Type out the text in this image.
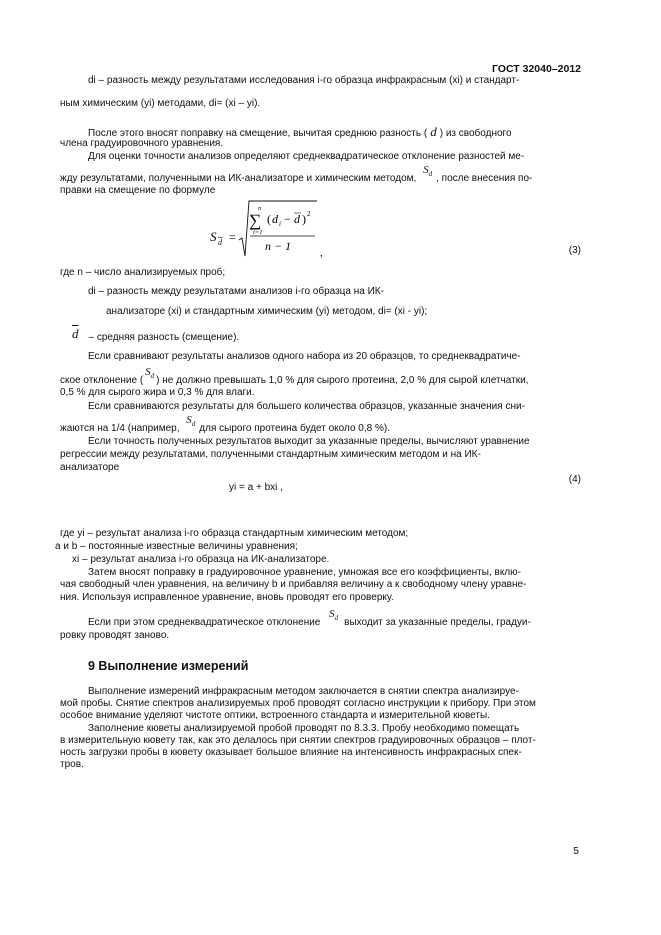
ГОСТ 32040–2012
di – разность между результатами исследования i-го образца инфракрасным (xi) и стандарт-
ным химическим (yi) методами, di= (xi – yi).
После этого вносят поправку на смещение, вычитая среднюю разность ( d ) из свободного
члена градуировочного уравнения.
Для оценки точности анализов определяют среднеквадратическое отклонение разностей ме-
жду результатами, полученными на ИК-анализаторе и химическим методом, $S_d$ , после внесения по-
правки на смещение по формуле
S d =
n
∑
i=1
( d i − d ) 2
n − 1	,	(3)
где n – число анализируемых проб;
di – разность между результатами анализов i-го образца на ИК-
анализаторе (xi) и стандартным химическим (yi) методом, di= (xi - yi);
$\overline{d}$ – средняя разность (смещение).
Если сравнивают результаты анализов одного набора из 20 образцов, то среднеквадратиче-
ское отклонение ($S_d$ ) не должно превышать 1,0 % для сырого протеина, 2,0 % для сырой клетчатки,
0,5 % для сырого жира и 0,3 % для влаги.
Если сравниваются результаты для большего количества образцов, указанные значения сни-
жаются на 1/4 (например, $S_d$ для сырого протеина будет около 0,8 %).
Если точность полученных результатов выходит за указанные пределы, вычисляют уравнение
регрессии между результатами, полученными стандартным химическим методом и на ИК-
анализаторе
yi = a + bxi ,
(4)
где yi – результат анализа i-го образца стандартным химическим методом;
а и b – постоянные известные величины уравнения;
xi – результат анализа i-го образца на ИК-анализаторе.
Затем вносят поправку в градуировочное уравнение, умножая все его коэффициенты, вклю-
чая свободный член уравнения, на величину b и прибавляя величину a к свободному члену уравне-
ния. Используя исправленное уравнение, вновь проводят его проверку.
Если при этом среднеквадратическое отклонение $S_d$ выходит за указанные пределы, градуи-
ровку проводят заново.
9 Выполнение измерений
Выполнение измерений инфракрасным методом заключается в снятии спектра анализируе-
мой пробы. Снятие спектров анализируемых проб проводят согласно инструкции к прибору. При этом
особое внимание уделяют чистоте оптики, встроенного стандарта и измерительной кюветы.
Заполнение кюветы анализируемой пробой проводят по 8.3.3. Пробу необходимо помещать
в измерительную кювету так, как это делалось при снятии спектров градуировочных образцов – плот-
ность загрузки пробы в кювету оказывает большое влияние на интенсивность инфракрасных спек-
тров.
5
